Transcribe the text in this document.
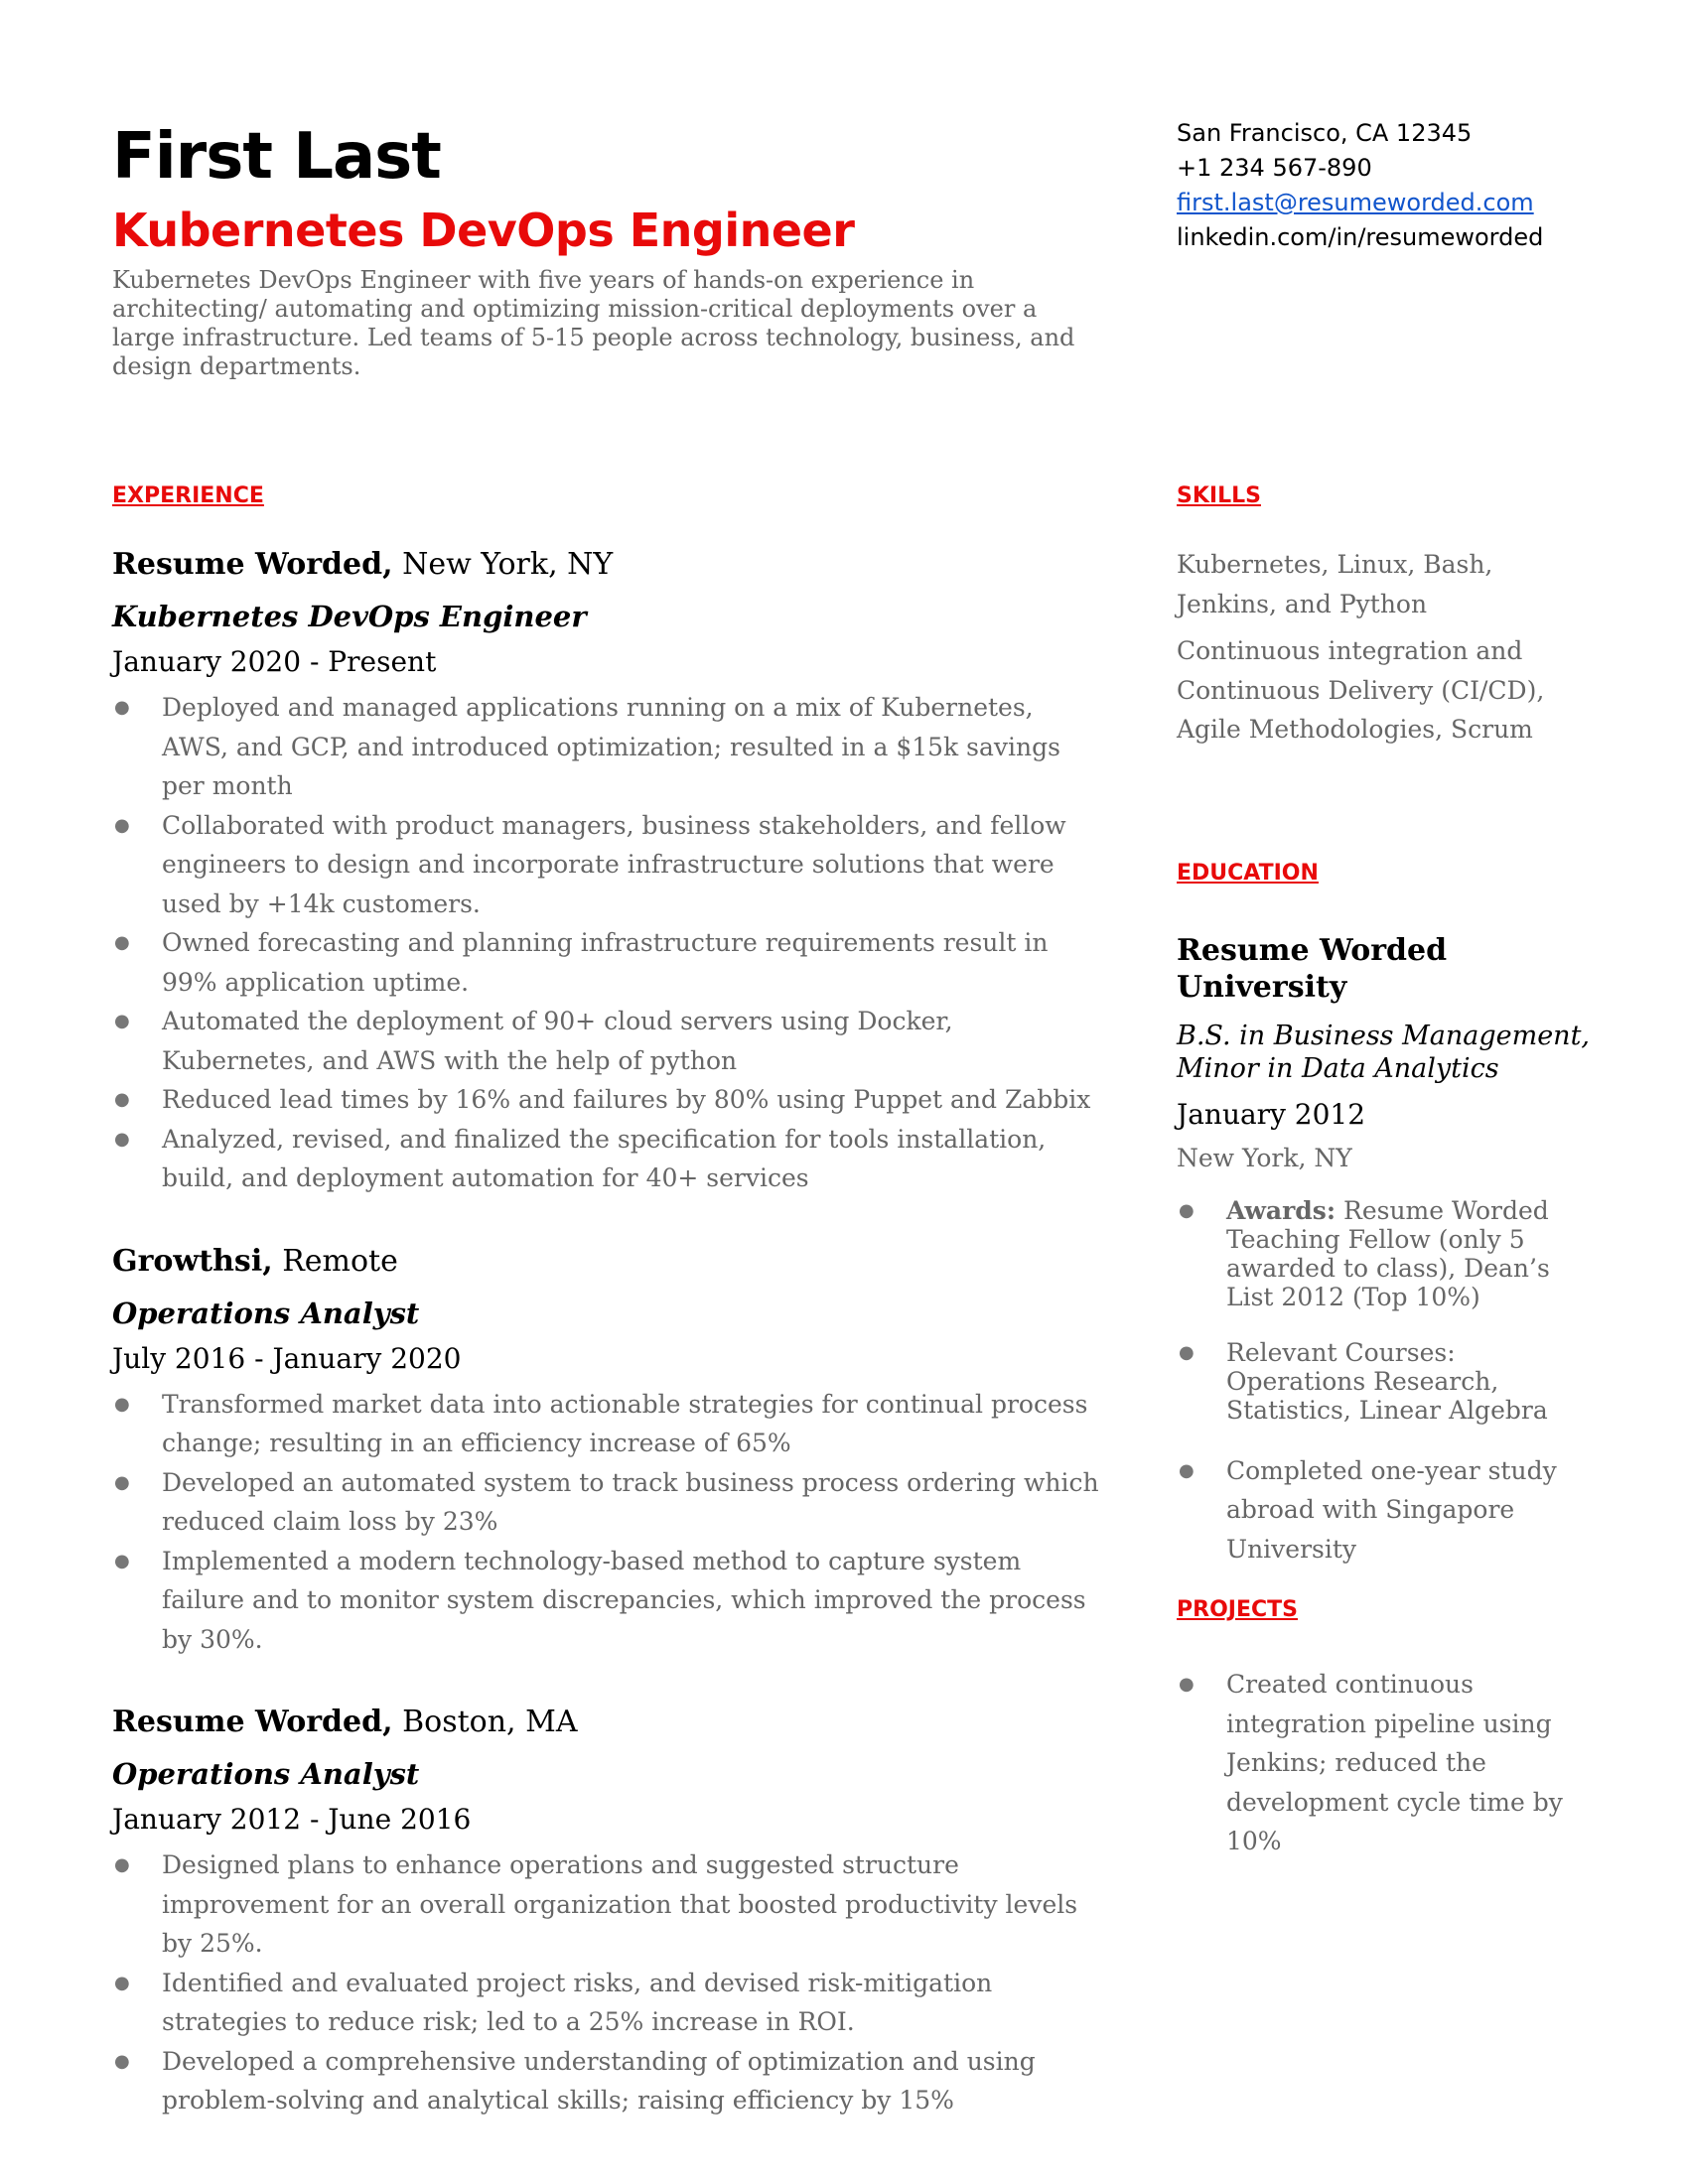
First Last
Kubernetes DevOps Engineer

Kubernetes DevOps Engineer with five years of hands-on experience in architecting/ automating and optimizing mission-critical deployments over a large infrastructure. Led teams of 5-15 people across technology, business, and design departments.

San Francisco, CA 12345
+1 234 567-890
first.last@resumeworded.com
linkedin.com/in/resumeworded
EXPERIENCE
Resume Worded, New York, NY
Kubernetes DevOps Engineer
January 2020 - Present
● Deployed and managed applications running on a mix of Kubernetes, AWS, and GCP, and introduced optimization; resulted in a $15k savings per month
● Collaborated with product managers, business stakeholders, and fellow engineers to design and incorporate infrastructure solutions that were used by +14k customers.
● Owned forecasting and planning infrastructure requirements result in 99% application uptime.
● Automated the deployment of 90+ cloud servers using Docker, Kubernetes, and AWS with the help of python
● Reduced lead times by 16% and failures by 80% using Puppet and Zabbix
● Analyzed, revised, and finalized the specification for tools installation, build, and deployment automation for 40+ services
Growthsi, Remote
Operations Analyst
July 2016 - January 2020
● Transformed market data into actionable strategies for continual process change; resulting in an efficiency increase of 65%
● Developed an automated system to track business process ordering which reduced claim loss by 23%
● Implemented a modern technology-based method to capture system failure and to monitor system discrepancies, which improved the process by 30%.
Resume Worded, Boston, MA
Operations Analyst
January 2012 - June 2016
● Designed plans to enhance operations and suggested structure improvement for an overall organization that boosted productivity levels by 25%.
● Identified and evaluated project risks, and devised risk-mitigation strategies to reduce risk; led to a 25% increase in ROI.
● Developed a comprehensive understanding of optimization and using problem-solving and analytical skills; raising efficiency by 15%
SKILLS
Kubernetes, Linux, Bash, Jenkins, and Python
Continuous integration and Continuous Delivery (CI/CD), Agile Methodologies, Scrum
EDUCATION
Resume Worded University
B.S. in Business Management, Minor in Data Analytics
January 2012
New York, NY
● Awards: Resume Worded Teaching Fellow (only 5 awarded to class), Dean’s List 2012 (Top 10%)
● Relevant Courses: Operations Research, Statistics, Linear Algebra
● Completed one-year study abroad with Singapore University
PROJECTS
● Created continuous integration pipeline using Jenkins; reduced the development cycle time by 10%
